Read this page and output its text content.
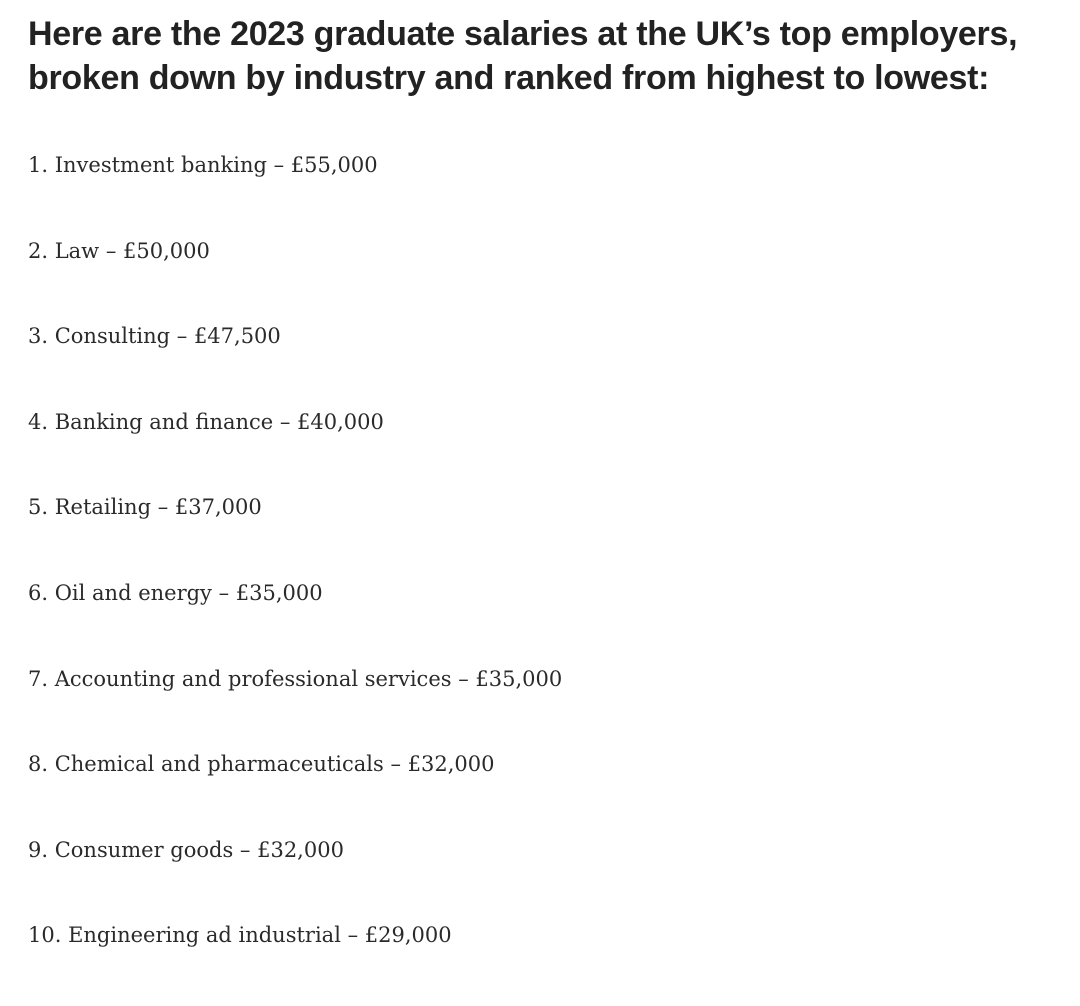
Here are the 2023 graduate salaries at the UK’s top employers,
broken down by industry and ranked from highest to lowest:
1. Investment banking – £55,000
2. Law – £50,000
3. Consulting – £47,500
4. Banking and finance – £40,000
5. Retailing – £37,000
6. Oil and energy – £35,000
7. Accounting and professional services – £35,000
8. Chemical and pharmaceuticals – £32,000
9. Consumer goods – £32,000
10. Engineering ad industrial – £29,000
